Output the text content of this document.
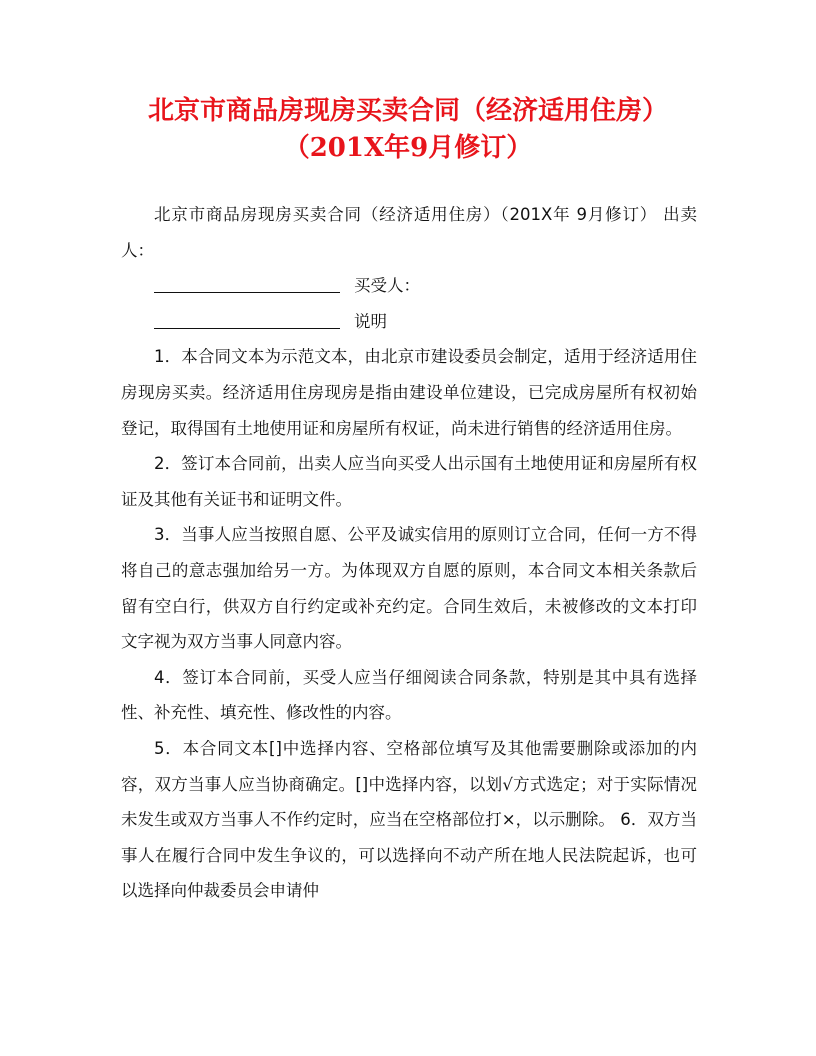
北京市商品房现房买卖合同（经济适用住房）
（201X年9月修订）

北京市商品房现房买卖合同（经济适用住房）（201X年 9月修订） 出卖人：

买受人：

说明

1．本合同文本为示范文本，由北京市建设委员会制定，适用于经济适用住房现房买卖。经济适用住房现房是指由建设单位建设，已完成房屋所有权初始登记，取得国有土地使用证和房屋所有权证，尚未进行销售的经济适用住房。

2．签订本合同前，出卖人应当向买受人出示国有土地使用证和房屋所有权证及其他有关证书和证明文件。

3．当事人应当按照自愿、公平及诚实信用的原则订立合同，任何一方不得将自己的意志强加给另一方。为体现双方自愿的原则，本合同文本相关条款后留有空白行，供双方自行约定或补充约定。合同生效后，未被修改的文本打印文字视为双方当事人同意内容。

4．签订本合同前，买受人应当仔细阅读合同条款，特别是其中具有选择性、补充性、填充性、修改性的内容。

5．本合同文本[]中选择内容、空格部位填写及其他需要删除或添加的内容，双方当事人应当协商确定。[]中选择内容，以划√方式选定；对于实际情况未发生或双方当事人不作约定时，应当在空格部位打×，以示删除。 6．双方当事人在履行合同中发生争议的，可以选择向不动产所在地人民法院起诉，也可以选择向仲裁委员会申请仲
